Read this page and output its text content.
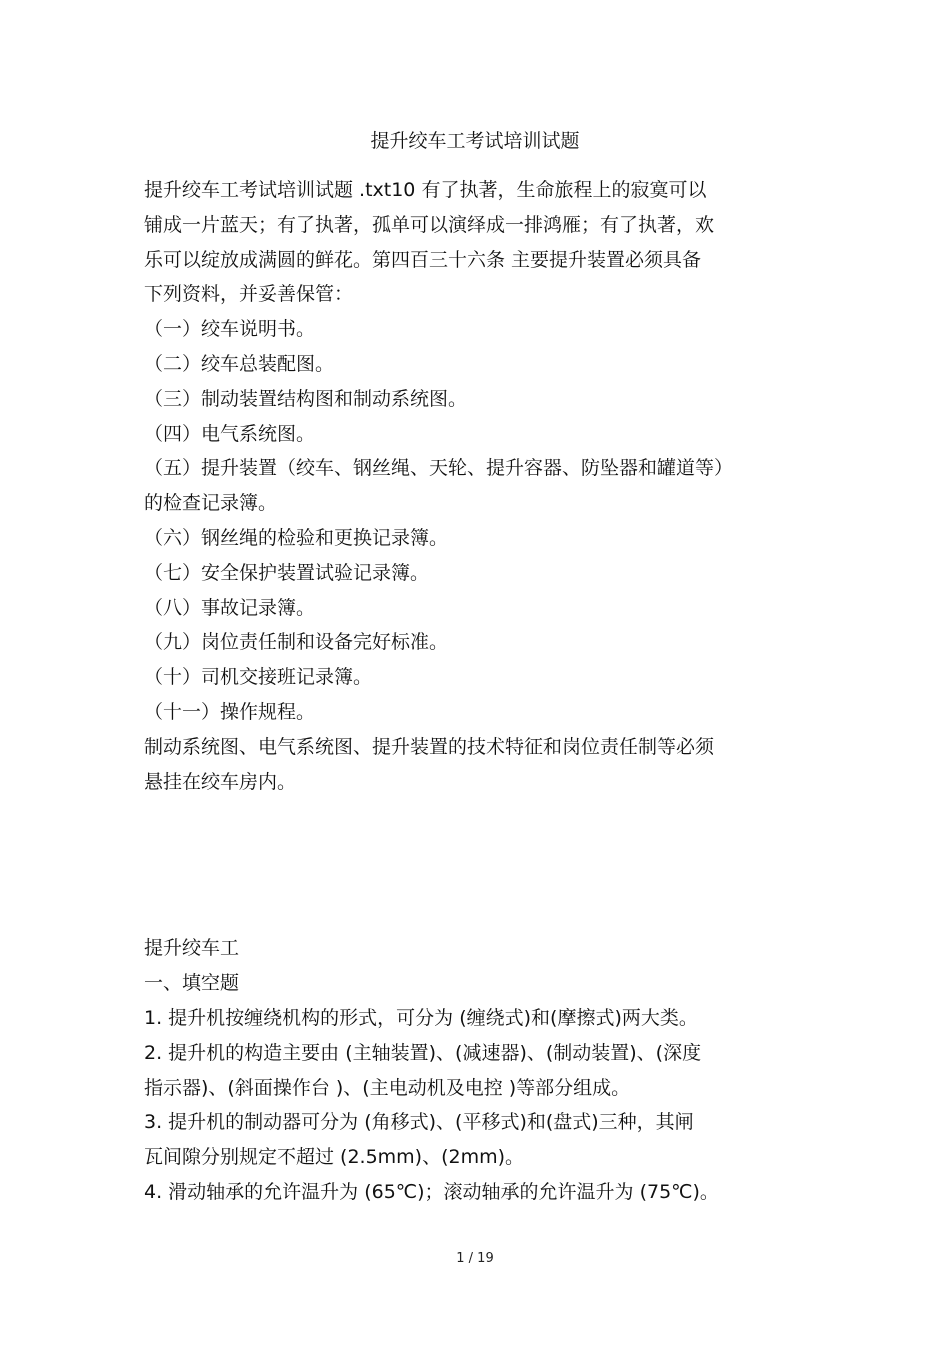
提升绞车工考试培训试题
提升绞车工考试培训试题 .txt10 有了执著，生命旅程上的寂寞可以
铺成一片蓝天；有了执著，孤单可以演绎成一排鸿雁；有了执著，欢
乐可以绽放成满圆的鲜花。第四百三十六条 主要提升装置必须具备
下列资料，并妥善保管：
（一）绞车说明书。
（二）绞车总装配图。
（三）制动装置结构图和制动系统图。
（四）电气系统图。
（五）提升装置（绞车、钢丝绳、天轮、提升容器、防坠器和罐道等）
的检查记录簿。
（六）钢丝绳的检验和更换记录簿。
（七）安全保护装置试验记录簿。
（八）事故记录簿。
（九）岗位责任制和设备完好标准。
（十）司机交接班记录簿。
（十一）操作规程。
制动系统图、电气系统图、提升装置的技术特征和岗位责任制等必须
悬挂在绞车房内。
提升绞车工
一、填空题
1. 提升机按缠绕机构的形式，可分为 (缠绕式)和(摩擦式)两大类。
2. 提升机的构造主要由 (主轴装置)、(减速器)、(制动装置)、(深度
指示器)、(斜面操作台 )、(主电动机及电控 )等部分组成。
3. 提升机的制动器可分为 (角移式)、(平移式)和(盘式)三种，其闸
瓦间隙分别规定不超过 (2.5mm)、(2mm)。
4. 滑动轴承的允许温升为 (65℃)；滚动轴承的允许温升为 (75℃)。
1 / 19
